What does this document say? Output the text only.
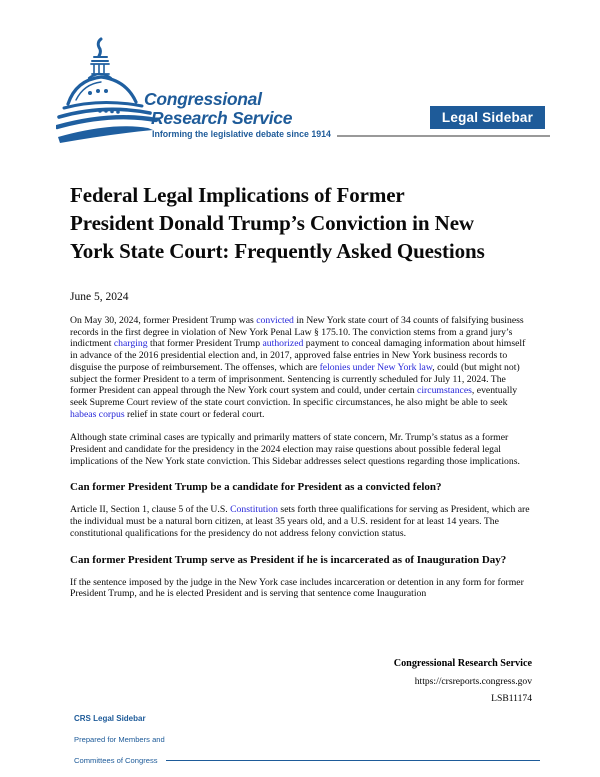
Congressional
Research Service
Informing the legislative debate since 1914
Legal Sidebar
Federal Legal Implications of Former
President Donald Trump’s Conviction in New
York State Court: Frequently Asked Questions
June 5, 2024

On May 30, 2024, former President Trump was convicted in New York state court of 34 counts of falsifying business records in the first degree in violation of New York Penal Law § 175.10. The conviction stems from a grand jury’s indictment charging that former President Trump authorized payment to conceal damaging information about himself in advance of the 2016 presidential election and, in 2017, approved false entries in New York business records to disguise the purpose of reimbursement. The offenses, which are felonies under New York law, could (but might not) subject the former President to a term of imprisonment. Sentencing is currently scheduled for July 11, 2024. The former President can appeal through the New York court system and could, under certain circumstances, eventually seek Supreme Court review of the state court conviction. In specific circumstances, he also might be able to seek habeas corpus relief in state court or federal court.

Although state criminal cases are typically and primarily matters of state concern, Mr. Trump’s status as a former President and candidate for the presidency in the 2024 election may raise questions about possible federal legal implications of the New York state conviction. This Sidebar addresses select questions regarding those implications.

Can former President Trump be a candidate for President as a convicted felon?

Article II, Section 1, clause 5 of the U.S. Constitution sets forth three qualifications for serving as President, which are the individual must be a natural born citizen, at least 35 years old, and a U.S. resident for at least 14 years. The constitutional qualifications for the presidency do not address felony conviction status.

Can former President Trump serve as President if he is incarcerated as of Inauguration Day?

If the sentence imposed by the judge in the New York case includes incarceration or detention in any form for former President Trump, and he is elected President and is serving that sentence come Inauguration

Congressional Research Service
https://crsreports.congress.gov
LSB11174
CRS Legal Sidebar
Prepared for Members and
Committees of Congress
